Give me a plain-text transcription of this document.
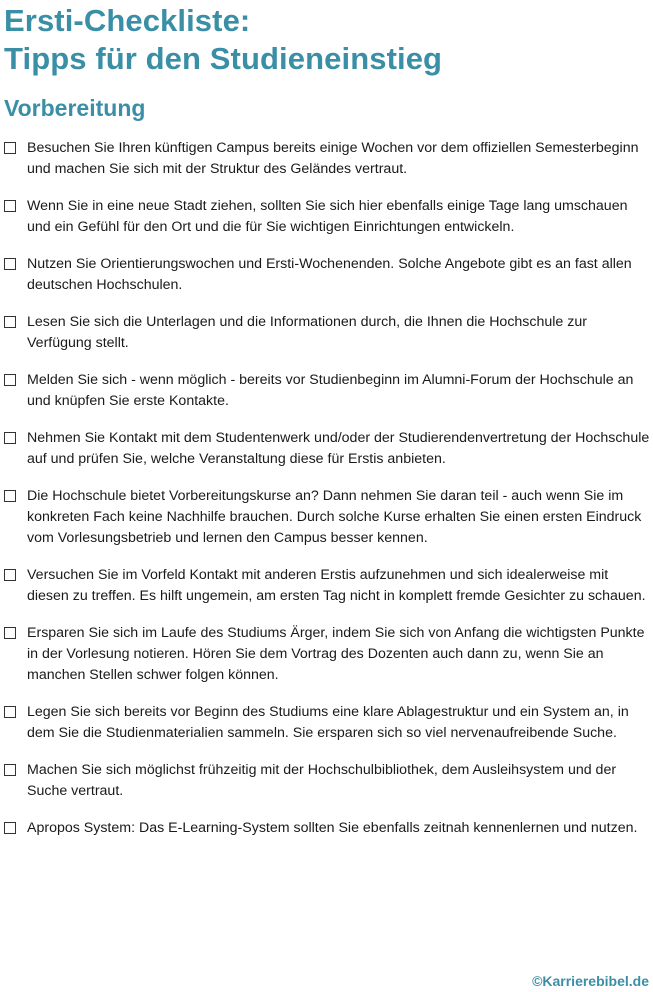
Ersti-Checkliste:
Tipps für den Studieneinstieg
Vorbereitung
Besuchen Sie Ihren künftigen Campus bereits einige Wochen vor dem offiziellen Semesterbeginn und machen Sie sich mit der Struktur des Geländes vertraut.
Wenn Sie in eine neue Stadt ziehen, sollten Sie sich hier ebenfalls einige Tage lang umschauen und ein Gefühl für den Ort und die für Sie wichtigen Einrichtungen entwickeln.
Nutzen Sie Orientierungswochen und Ersti-Wochenenden. Solche Angebote gibt es an fast allen deutschen Hochschulen.
Lesen Sie sich die Unterlagen und die Informationen durch, die Ihnen die Hochschule zur Verfügung stellt.
Melden Sie sich - wenn möglich - bereits vor Studienbeginn im Alumni-Forum der Hochschule an und knüpfen Sie erste Kontakte.
Nehmen Sie Kontakt mit dem Studentenwerk und/oder der Studierendenvertretung der Hochschule auf und prüfen Sie, welche Veranstaltung diese für Erstis anbieten.
Die Hochschule bietet Vorbereitungskurse an? Dann nehmen Sie daran teil - auch wenn Sie im konkreten Fach keine Nachhilfe brauchen. Durch solche Kurse erhalten Sie einen ersten Eindruck vom Vorlesungsbetrieb und lernen den Campus besser kennen.
Versuchen Sie im Vorfeld Kontakt mit anderen Erstis aufzunehmen und sich idealerweise mit diesen zu treffen. Es hilft ungemein, am ersten Tag nicht in komplett fremde Gesichter zu schauen.
Ersparen Sie sich im Laufe des Studiums Ärger, indem Sie sich von Anfang die wichtigsten Punkte in der Vorlesung notieren. Hören Sie dem Vortrag des Dozenten auch dann zu, wenn Sie an manchen Stellen schwer folgen können.
Legen Sie sich bereits vor Beginn des Studiums eine klare Ablagestruktur und ein System an, in dem Sie die Studienmaterialien sammeln. Sie ersparen sich so viel nervenaufreibende Suche.
Machen Sie sich möglichst frühzeitig mit der Hochschulbibliothek, dem Ausleihsystem und der Suche vertraut.
Apropos System: Das E-Learning-System sollten Sie ebenfalls zeitnah kennenlernen und nutzen.
©Karrierebibel.de
